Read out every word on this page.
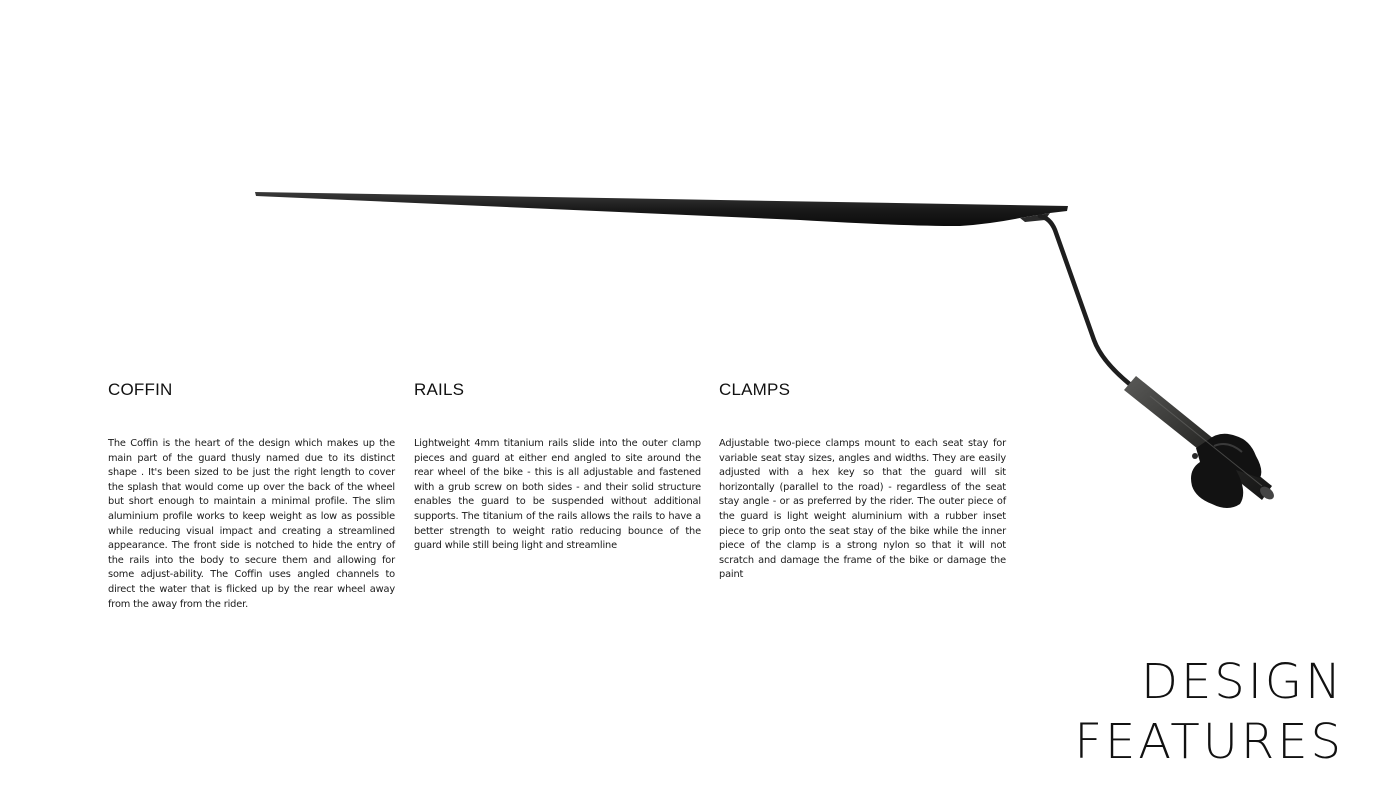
COFFIN

The Coffin is the heart of the design which makes up the main part of the guard thusly named due to its distinct shape . It's been sized to be just the right length to cover the splash that would come up over the back of the wheel but short enough to maintain a minimal profile. The slim aluminium profile works to keep weight as low as possible while reducing visual impact and creating a streamlined appearance. The front side is notched to hide the entry of the rails into the body to secure them and allowing for some adjust-ability. The Coffin uses angled channels to direct the water that is flicked up by the rear wheel away from the away from the rider.

RAILS

Lightweight 4mm titanium rails slide into the outer clamp pieces and guard at either end angled to site around the rear wheel of the bike - this is all adjustable and fastened with a grub screw on both sides - and their solid structure enables the guard to be suspended without additional supports. The titanium of the rails allows the rails to have a better strength to weight ratio reducing bounce of the guard while still being light and streamline

CLAMPS

Adjustable two-piece clamps mount to each seat stay for variable seat stay sizes, angles and widths. They are easily adjusted with a hex key so that the guard will sit horizontally (parallel to the road) - regardless of the seat stay angle - or as preferred by the rider. The outer piece of the guard is light weight aluminium with a rubber inset piece to grip onto the seat stay of the bike while the inner piece of the clamp is a strong nylon so that it will not scratch and damage the frame of the bike or damage the paint

DESIGN
FEATURES
